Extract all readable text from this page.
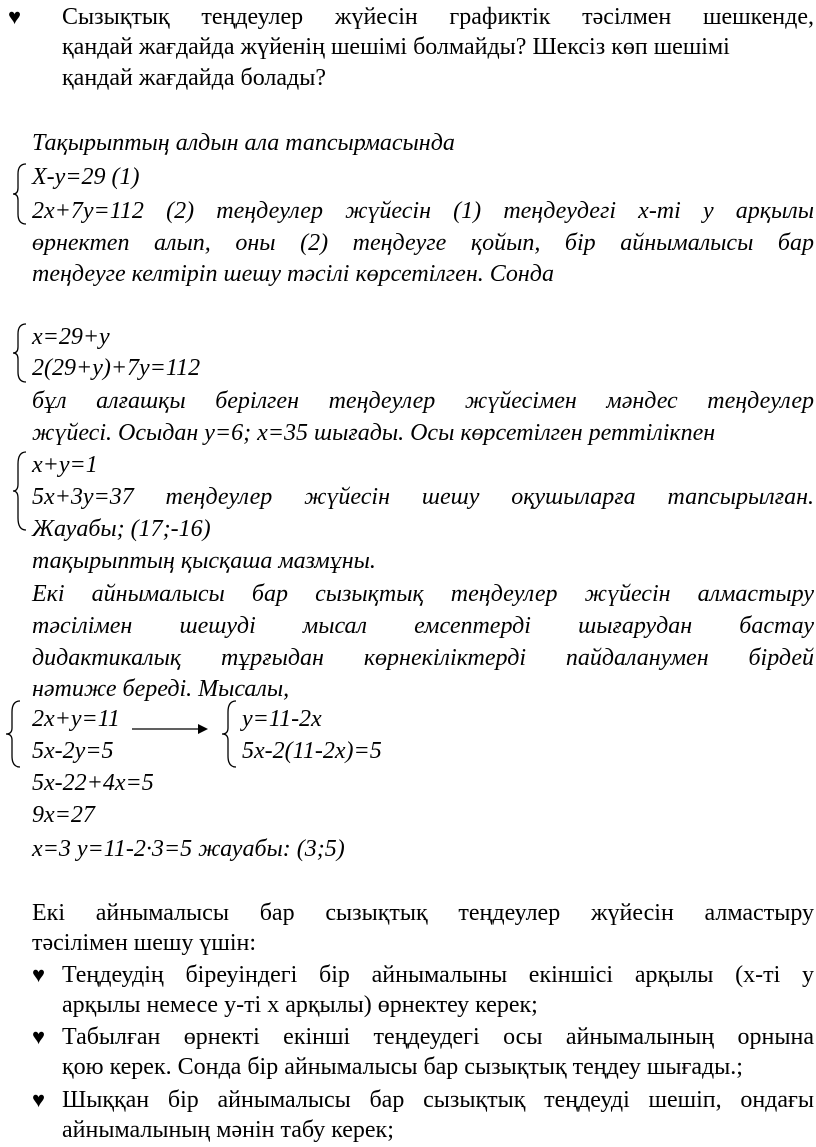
♥ Сызықтық теңдеулер жүйесін графиктік тәсілмен шешкенде,
қандай жағдайда жүйенің шешімі болмайды? Шексіз көп шешімі
қандай жағдайда болады?
Тақырыптың алдын ала тапсырмасында
Х-у=29 (1)
2х+7у=112 (2) теңдеулер жүйесін (1) теңдеудегі х-ті у арқылы
өрнектеп алып, оны (2) теңдеуге қойып, бір айнымалысы бар
теңдеуге келтіріп шешу тәсілі көрсетілген. Сонда
х=29+у
2(29+у)+7у=112
бұл алғашқы берілген теңдеулер жүйесімен мәндес теңдеулер
жүйесі. Осыдан у=6; х=35 шығады. Осы көрсетілген реттілікпен
х+у=1
5х+3у=37 теңдеулер жүйесін шешу оқушыларға тапсырылған.
Жауабы; (17;-16)
тақырыптың қысқаша мазмұны.
Екі айнымалысы бар сызықтық теңдеулер жүйесін алмастыру
тәсілімен шешуді мысал емсептерді шығарудан бастау
дидактикалық тұрғыдан көрнекіліктерді пайдаланумен бірдей
нәтиже береді. Мысалы,
2х+у=11
5х-2у=5
у=11-2х
5х-2(11-2х)=5
5х-22+4х=5
9х=27
х=3 у=11-2·3=5 жауабы: (3;5)
Екі айнымалысы бар сызықтық теңдеулер жүйесін алмастыру
тәсілімен шешу үшін:
♥ Теңдеудің біреуіндегі бір айнымалыны екіншісі арқылы (х-ті у
арқылы немесе у-ті х арқылы) өрнектеу керек;
♥ Табылған өрнекті екінші теңдеудегі осы айнымалының орнына
қою керек. Сонда бір айнымалысы бар сызықтық теңдеу шығады.;
♥ Шыққан бір айнымалысы бар сызықтық теңдеуді шешіп, ондағы
айнымалының мәнін табу керек;
